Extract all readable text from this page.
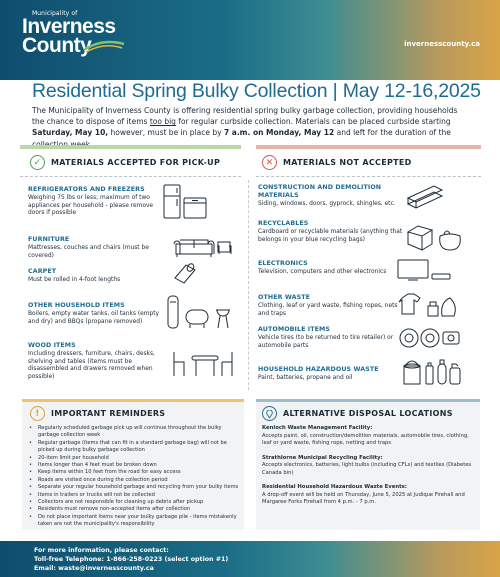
Municipality of
Inverness
County	invernesscounty.ca
Residential Spring Bulky Collection | May 12-16,2025
The Municipality of Inverness County is offering residential spring bulky garbage collection, providing households the chance to dispose of items too big for regular curbside collection. Materials can be placed curbside starting Saturday, May 10, however, must be in place by 7 a.m. on Monday, May 12 and left for the duration of the
✓	MATERIALS ACCEPTED FOR PICK-UP	✕	MATERIALS NOT ACCEPTED
REFRIGERATORS AND FREEZERS
Weighing 75 lbs or less; maximum of two appliances per household - please remove doors if possible
FURNITURE
Mattresses, couches and chairs (must be covered)
CARPET
Must be rolled in 4-foot lengths
OTHER HOUSEHOLD ITEMS
Boilers, empty water tanks, oil tanks (empty and dry) and BBQs (propane removed)
WOOD ITEMS
Including dressers, furniture, chairs, desks, shelving and tables (items must be disassembled and drawers removed when possible)
CONSTRUCTION AND DEMOLITION MATERIALS
Siding, windows, doors, gyprock, shingles, etc.
RECYCLABLES
Cardboard or recyclable materials (anything that belongs in your blue recycling bags)
ELECTRONICS
Television, computers and other electronics
OTHER WASTE
Clothing, leaf or yard waste, fishing ropes, nets and traps
AUTOMOBILE ITEMS
Vehicle tires (to be returned to tire retailer) or automobile parts
HOUSEHOLD HAZARDOUS WASTE
Paint, batteries, propane and oil
!	IMPORTANT REMINDERS	ALTERNATIVE DISPOSAL LOCATIONS
• Regularly scheduled garbage pick up will continue throughout the bulky garbage collection week
• Regular garbage (items that can fit in a standard garbage bag) will not be picked up during bulky garbage collection
• 20-item limit per household
• Items longer than 4 feet must be broken down
• Keep items within 10 feet from the road for easy access
• Roads are visited once during the collection period
• Separate your regular household garbage and recycling from your bulky items
• Items in trailers or trucks will not be collected
• Collectors are not responsible for cleaning up debris after pickup
• Residents must remove non-accepted items after collection
• Do not place important items near your bulky garbage pile - items mistakenly taken are not the municipality's responsibility
Kenloch Waste Management Facility:
Accepts paint, oil, construction/demolition materials, automobile tires, clothing, leaf or yard waste, fishing rope, netting and traps
Strathlorne Municipal Recycling Facility:
Accepts electronics, batteries, light bulbs (including CFLs) and textiles (Diabetes Canada bin)
Residential Household Hazardous Waste Events:
A drop-off event will be held on Thursday, June 5, 2025 at Judique Firehall and Margaree Forks Firehall from 4 p.m. - 7 p.m.
For more information, please contact:
Toll-free Telephone: 1-866-258-0223 (select option #1)
Email: waste@invernesscounty.ca
